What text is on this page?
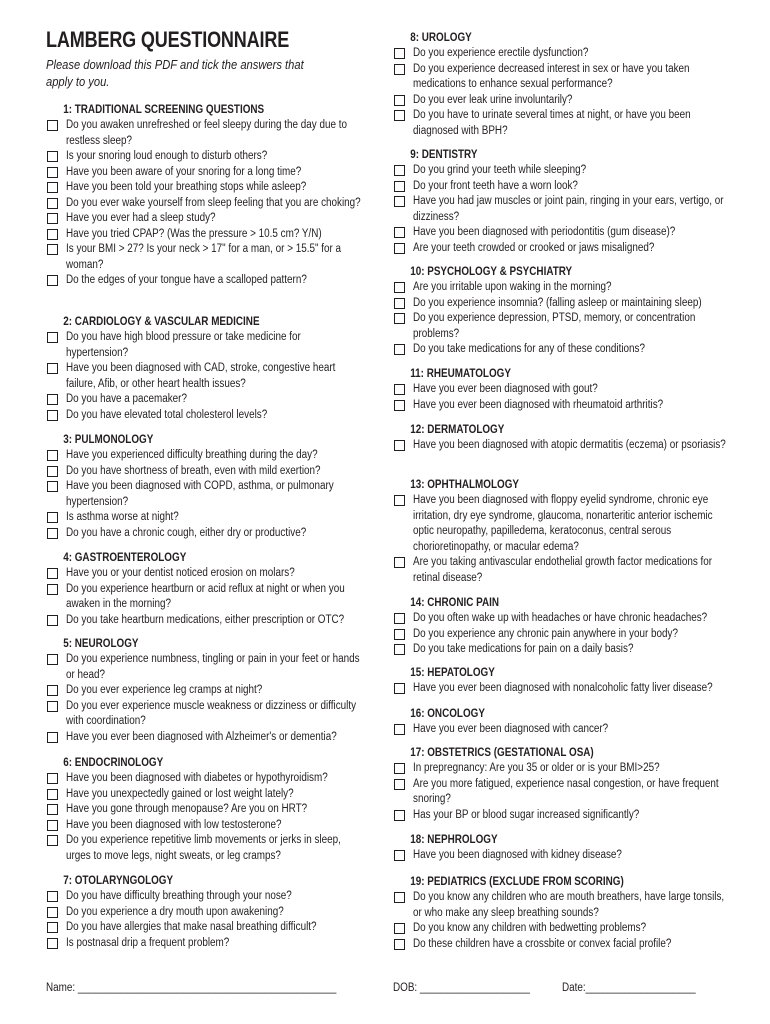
LAMBERG QUESTIONNAIRE
Please download this PDF and tick the answers that apply to you.
1: TRADITIONAL SCREENING QUESTIONS
Do you awaken unrefreshed or feel sleepy during the day due to restless sleep?
Is your snoring loud enough to disturb others?
Have you been aware of your snoring for a long time?
Have you been told your breathing stops while asleep?
Do you ever wake yourself from sleep feeling that you are choking?
Have you ever had a sleep study?
Have you tried CPAP? (Was the pressure > 10.5 cm? Y/N)
Is your BMI > 27? Is your neck > 17" for a man, or > 15.5" for a woman?
Do the edges of your tongue have a scalloped pattern?
2: CARDIOLOGY & VASCULAR MEDICINE
Do you have high blood pressure or take medicine for hypertension?
Have you been diagnosed with CAD, stroke, congestive heart failure, Afib, or other heart health issues?
Do you have a pacemaker?
Do you have elevated total cholesterol levels?
3: PULMONOLOGY
Have you experienced difficulty breathing during the day?
Do you have shortness of breath, even with mild exertion?
Have you been diagnosed with COPD, asthma, or pulmonary hypertension?
Is asthma worse at night?
Do you have a chronic cough, either dry or productive?
4: GASTROENTEROLOGY
Have you or your dentist noticed erosion on molars?
Do you experience heartburn or acid reflux at night or when you awaken in the morning?
Do you take heartburn medications, either prescription or OTC?
5: NEUROLOGY
Do you experience numbness, tingling or pain in your feet or hands or head?
Do you ever experience leg cramps at night?
Do you ever experience muscle weakness or dizziness or difficulty with coordination?
Have you ever been diagnosed with Alzheimer's or dementia?
6: ENDOCRINOLOGY
Have you been diagnosed with diabetes or hypothyroidism?
Have you unexpectedly gained or lost weight lately?
Have you gone through menopause? Are you on HRT?
Have you been diagnosed with low testosterone?
Do you experience repetitive limb movements or jerks in sleep, urges to move legs, night sweats, or leg cramps?
7: OTOLARYNGOLOGY
Do you have difficulty breathing through your nose?
Do you experience a dry mouth upon awakening?
Do you have allergies that make nasal breathing difficult?
Is postnasal drip a frequent problem?
8: UROLOGY
Do you experience erectile dysfunction?
Do you experience decreased interest in sex or have you taken medications to enhance sexual performance?
Do you ever leak urine involuntarily?
Do you have to urinate several times at night, or have you been diagnosed with BPH?
9: DENTISTRY
Do you grind your teeth while sleeping?
Do your front teeth have a worn look?
Have you had jaw muscles or joint pain, ringing in your ears, vertigo, or dizziness?
Have you been diagnosed with periodontitis (gum disease)?
Are your teeth crowded or crooked or jaws misaligned?
10: PSYCHOLOGY & PSYCHIATRY
Are you irritable upon waking in the morning?
Do you experience insomnia? (falling asleep or maintaining sleep)
Do you experience depression, PTSD, memory, or concentration problems?
Do you take medications for any of these conditions?
11: RHEUMATOLOGY
Have you ever been diagnosed with gout?
Have you ever been diagnosed with rheumatoid arthritis?
12: DERMATOLOGY
Have you been diagnosed with atopic dermatitis (eczema) or psoriasis?
13: OPHTHALMOLOGY
Have you been diagnosed with floppy eyelid syndrome, chronic eye irritation, dry eye syndrome, glaucoma, nonarteritic anterior ischemic optic neuropathy, papilledema, keratoconus, central serous chorioretinopathy, or macular edema?
Are you taking antivascular endothelial growth factor medications for retinal disease?
14: CHRONIC PAIN
Do you often wake up with headaches or have chronic headaches?
Do you experience any chronic pain anywhere in your body?
Do you take medications for pain on a daily basis?
15: HEPATOLOGY
Have you ever been diagnosed with nonalcoholic fatty liver disease?
16: ONCOLOGY
Have you ever been diagnosed with cancer?
17: OBSTETRICS (GESTATIONAL OSA)
In prepregnancy: Are you 35 or older or is your BMI>25?
Are you more fatigued, experience nasal congestion, or have frequent snoring?
Has your BP or blood sugar increased significantly?
18: NEPHROLOGY
Have you been diagnosed with kidney disease?
19: PEDIATRICS (EXCLUDE FROM SCORING)
Do you know any children who are mouth breathers, have large tonsils, or who make any sleep breathing sounds?
Do you know any children with bedwetting problems?
Do these children have a crossbite or convex facial profile?
Name: _______________________________________________	DOB: ____________________	Date:____________________
